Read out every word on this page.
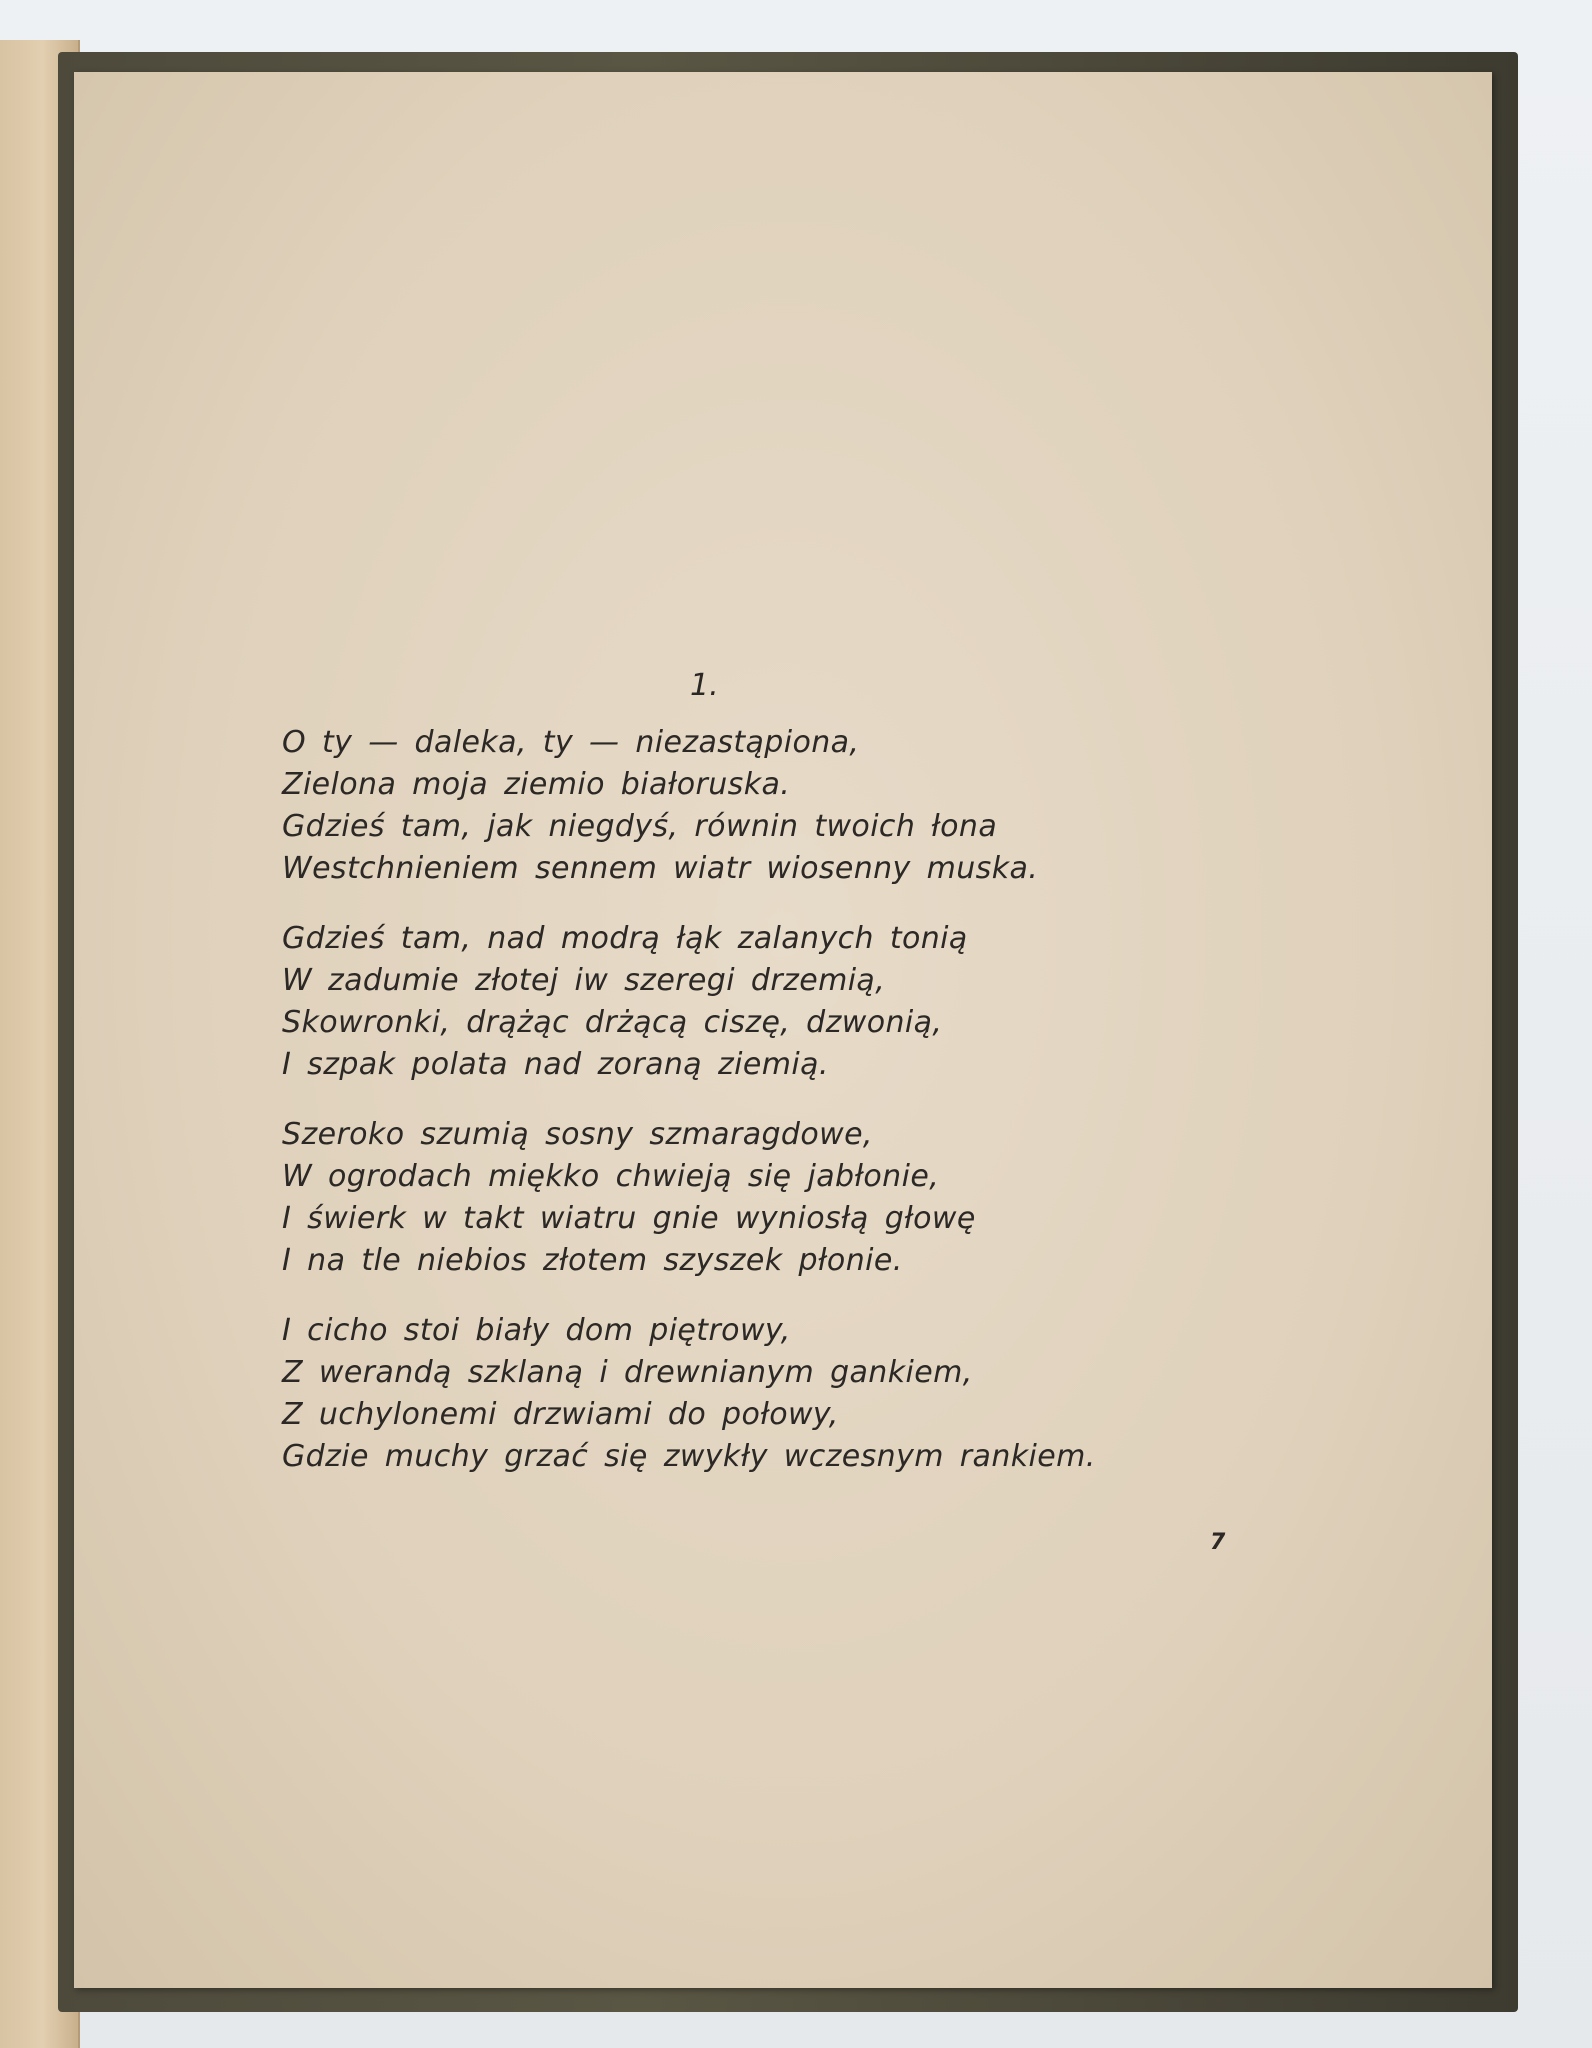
1.
O ty — daleka, ty — niezastąpiona,
Zielona moja ziemio białoruska.
Gdzieś tam, jak niegdyś, równin twoich łona
Westchnieniem sennem wiatr wiosenny muska.
Gdzieś tam, nad modrą łąk zalanych tonią
W zadumie złotej iw szeregi drzemią,
Skowronki, drążąc drżącą ciszę, dzwonią,
I szpak polata nad zoraną ziemią.
Szeroko szumią sosny szmaragdowe,
W ogrodach miękko chwieją się jabłonie,
I świerk w takt wiatru gnie wyniosłą głowę
I na tle niebios złotem szyszek płonie.
I cicho stoi biały dom piętrowy,
Z werandą szklaną i drewnianym gankiem,
Z uchylonemi drzwiami do połowy,
Gdzie muchy grzać się zwykły wczesnym rankiem.
7
